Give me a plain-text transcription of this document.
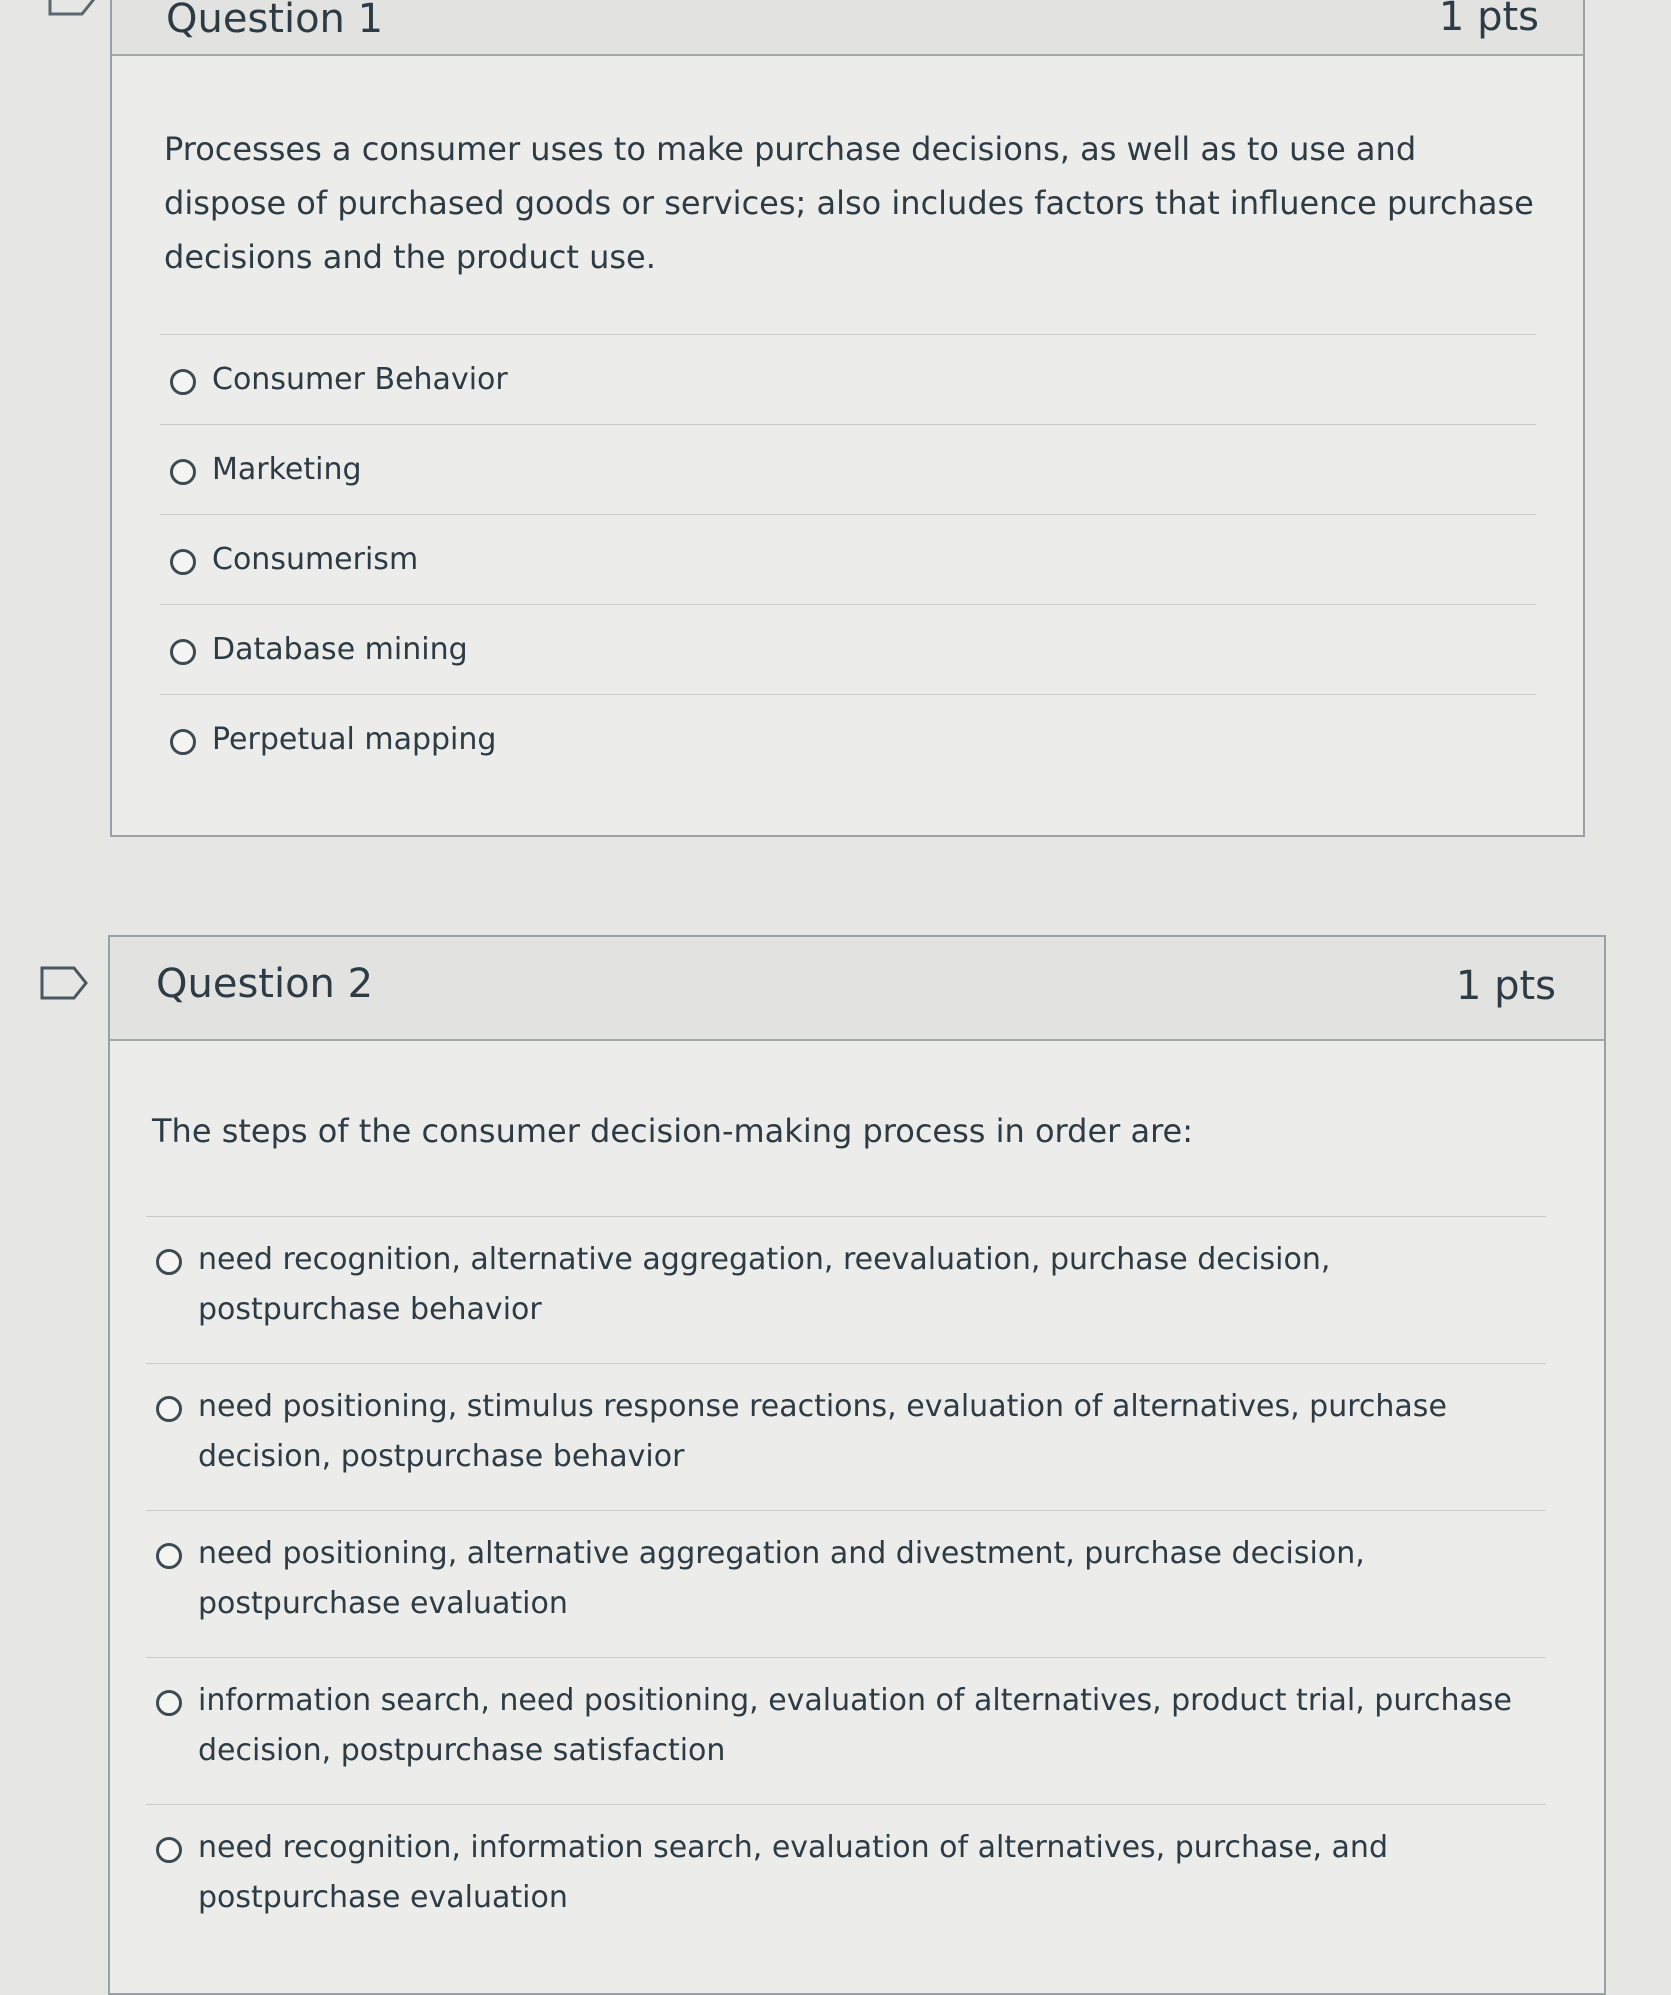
Question 1	1 pts
Processes a consumer uses to make purchase decisions, as well as to use and dispose of purchased goods or services; also includes factors that influence purchase decisions and the product use.
Consumer Behavior
Marketing
Consumerism
Database mining
Perpetual mapping
Question 2	1 pts
The steps of the consumer decision-making process in order are:
need recognition, alternative aggregation, reevaluation, purchase decision, postpurchase behavior
need positioning, stimulus response reactions, evaluation of alternatives, purchase decision, postpurchase behavior
need positioning, alternative aggregation and divestment, purchase decision, postpurchase evaluation
information search, need positioning, evaluation of alternatives, product trial, purchase decision, postpurchase satisfaction
need recognition, information search, evaluation of alternatives, purchase, and postpurchase evaluation
